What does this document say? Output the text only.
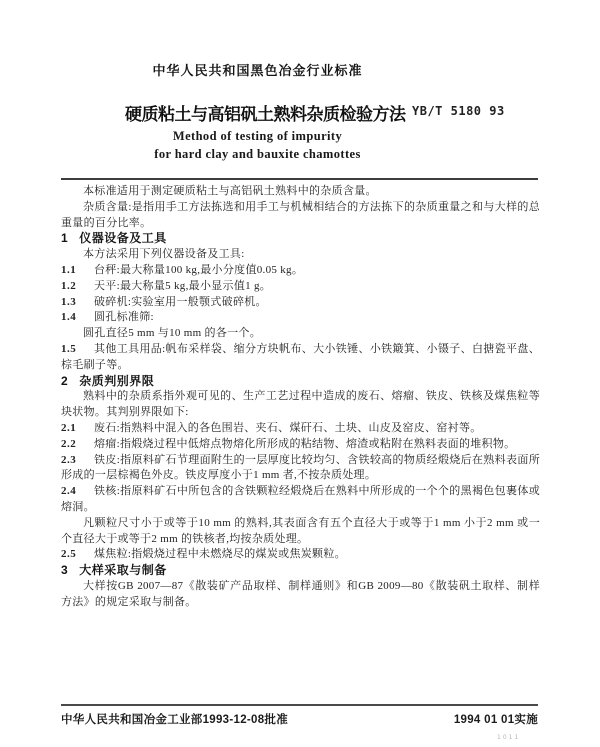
中华人民共和国黑色冶金行业标准
硬质粘土与高铝矾土熟料杂质检验方法 YB/T 5180 93
Method of testing of impurity
for hard clay and bauxite chamottes

本标准适用于测定硬质粘土与高铝矾土熟料中的杂质含量。

杂质含量:是指用手工方法拣选和用手工与机械相结合的方法拣下的杂质重量之和与大样的总重量的百分比率。

1 仪器设备及工具

本方法采用下列仪器设备及工具:

1.1 台秤:最大称量100 kg,最小分度值0.05 kg。

1.2 天平:最大称量5 kg,最小显示值1 g。

1.3 破碎机:实验室用一般颚式破碎机。

1.4 圆孔标准筛:

圆孔直径5 mm 与10 mm 的各一个。

1.5 其他工具用品:帆布采样袋、缩分方块帆布、大小铁锤、小铁簸箕、小镊子、白搪瓷平盘、棕毛刷子等。

2 杂质判别界限

熟料中的杂质系指外观可见的、生产工艺过程中造成的废石、熔瘤、铁皮、铁核及煤焦粒等块状物。其判别界限如下:

2.1 废石:指熟料中混入的各色围岩、夹石、煤矸石、土块、山皮及窑皮、窑衬等。

2.2 熔瘤:指煅烧过程中低熔点物熔化所形成的粘结物、熔渣或粘附在熟料表面的堆积物。

2.3 铁皮:指原料矿石节理面附生的一层厚度比较均匀、含铁较高的物质经煅烧后在熟料表面所形成的一层棕褐色外皮。铁皮厚度小于1 mm 者,不按杂质处理。

2.4 铁核:指原料矿石中所包含的含铁颗粒经煅烧后在熟料中所形成的一个个的黑褐色包裹体或熔洞。

凡颗粒尺寸小于或等于10 mm 的熟料,其表面含有五个直径大于或等于1 mm 小于2 mm 或一个直径大于或等于2 mm 的铁核者,均按杂质处理。

2.5 煤焦粒:指煅烧过程中未燃烧尽的煤炭或焦炭颗粒。

3 大样采取与制备

大样按GB 2007—87《散装矿产品取样、制样通则》和GB 2009—80《散装矾土取样、制样方法》的规定采取与制备。

中华人民共和国冶金工业部1993-12-08批准	1994 01 01实施
1011
